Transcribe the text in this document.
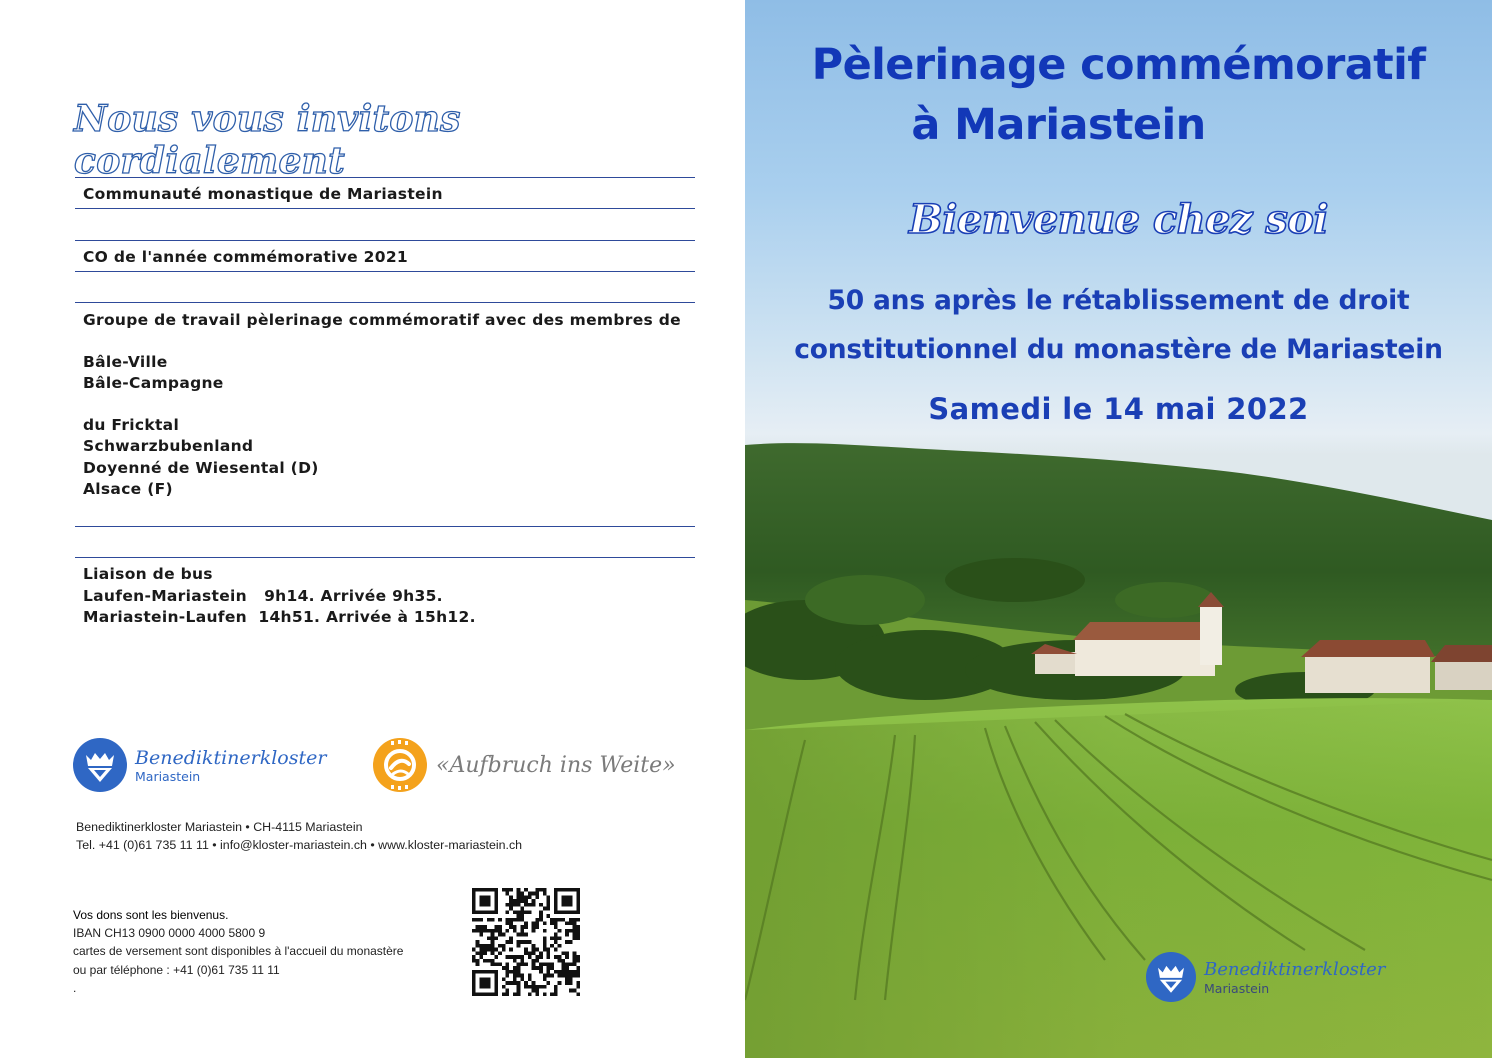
Nous vous invitons cordialement
Communauté monastique de Mariastein
CO de l'année commémorative 2021
Groupe de travail pèlerinage commémoratif avec des membres de
Bâle-Ville
Bâle-Campagne
du Fricktal
Schwarzbubenland
Doyenné de Wiesental (D)
Alsace (F)
Liaison de bus
Laufen-Mariastein   9h14. Arrivée 9h35.
Mariastein-Laufen  14h51. Arrivée à 15h12.
Benediktinerkloster
Mariastein	«Aufbruch ins Weite»
Benediktinerkloster Mariastein • CH-4115 Mariastein
Tel. +41 (0)61 735 11 11 • info@kloster-mariastein.ch • www.kloster-mariastein.ch
Vos dons sont les bienvenus.
IBAN CH13 0900 0000 4000 5800 9
cartes de versement sont disponibles à l'accueil du monastère
ou par téléphone : +41 (0)61 735 11 11
.
Pèlerinage commémoratif
à Mariastein
Bienvenue chez soi
50 ans après le rétablissement de droit
constitutionnel du monastère de Mariastein
Samedi le 14 mai 2022
Benediktinerkloster
Mariastein
